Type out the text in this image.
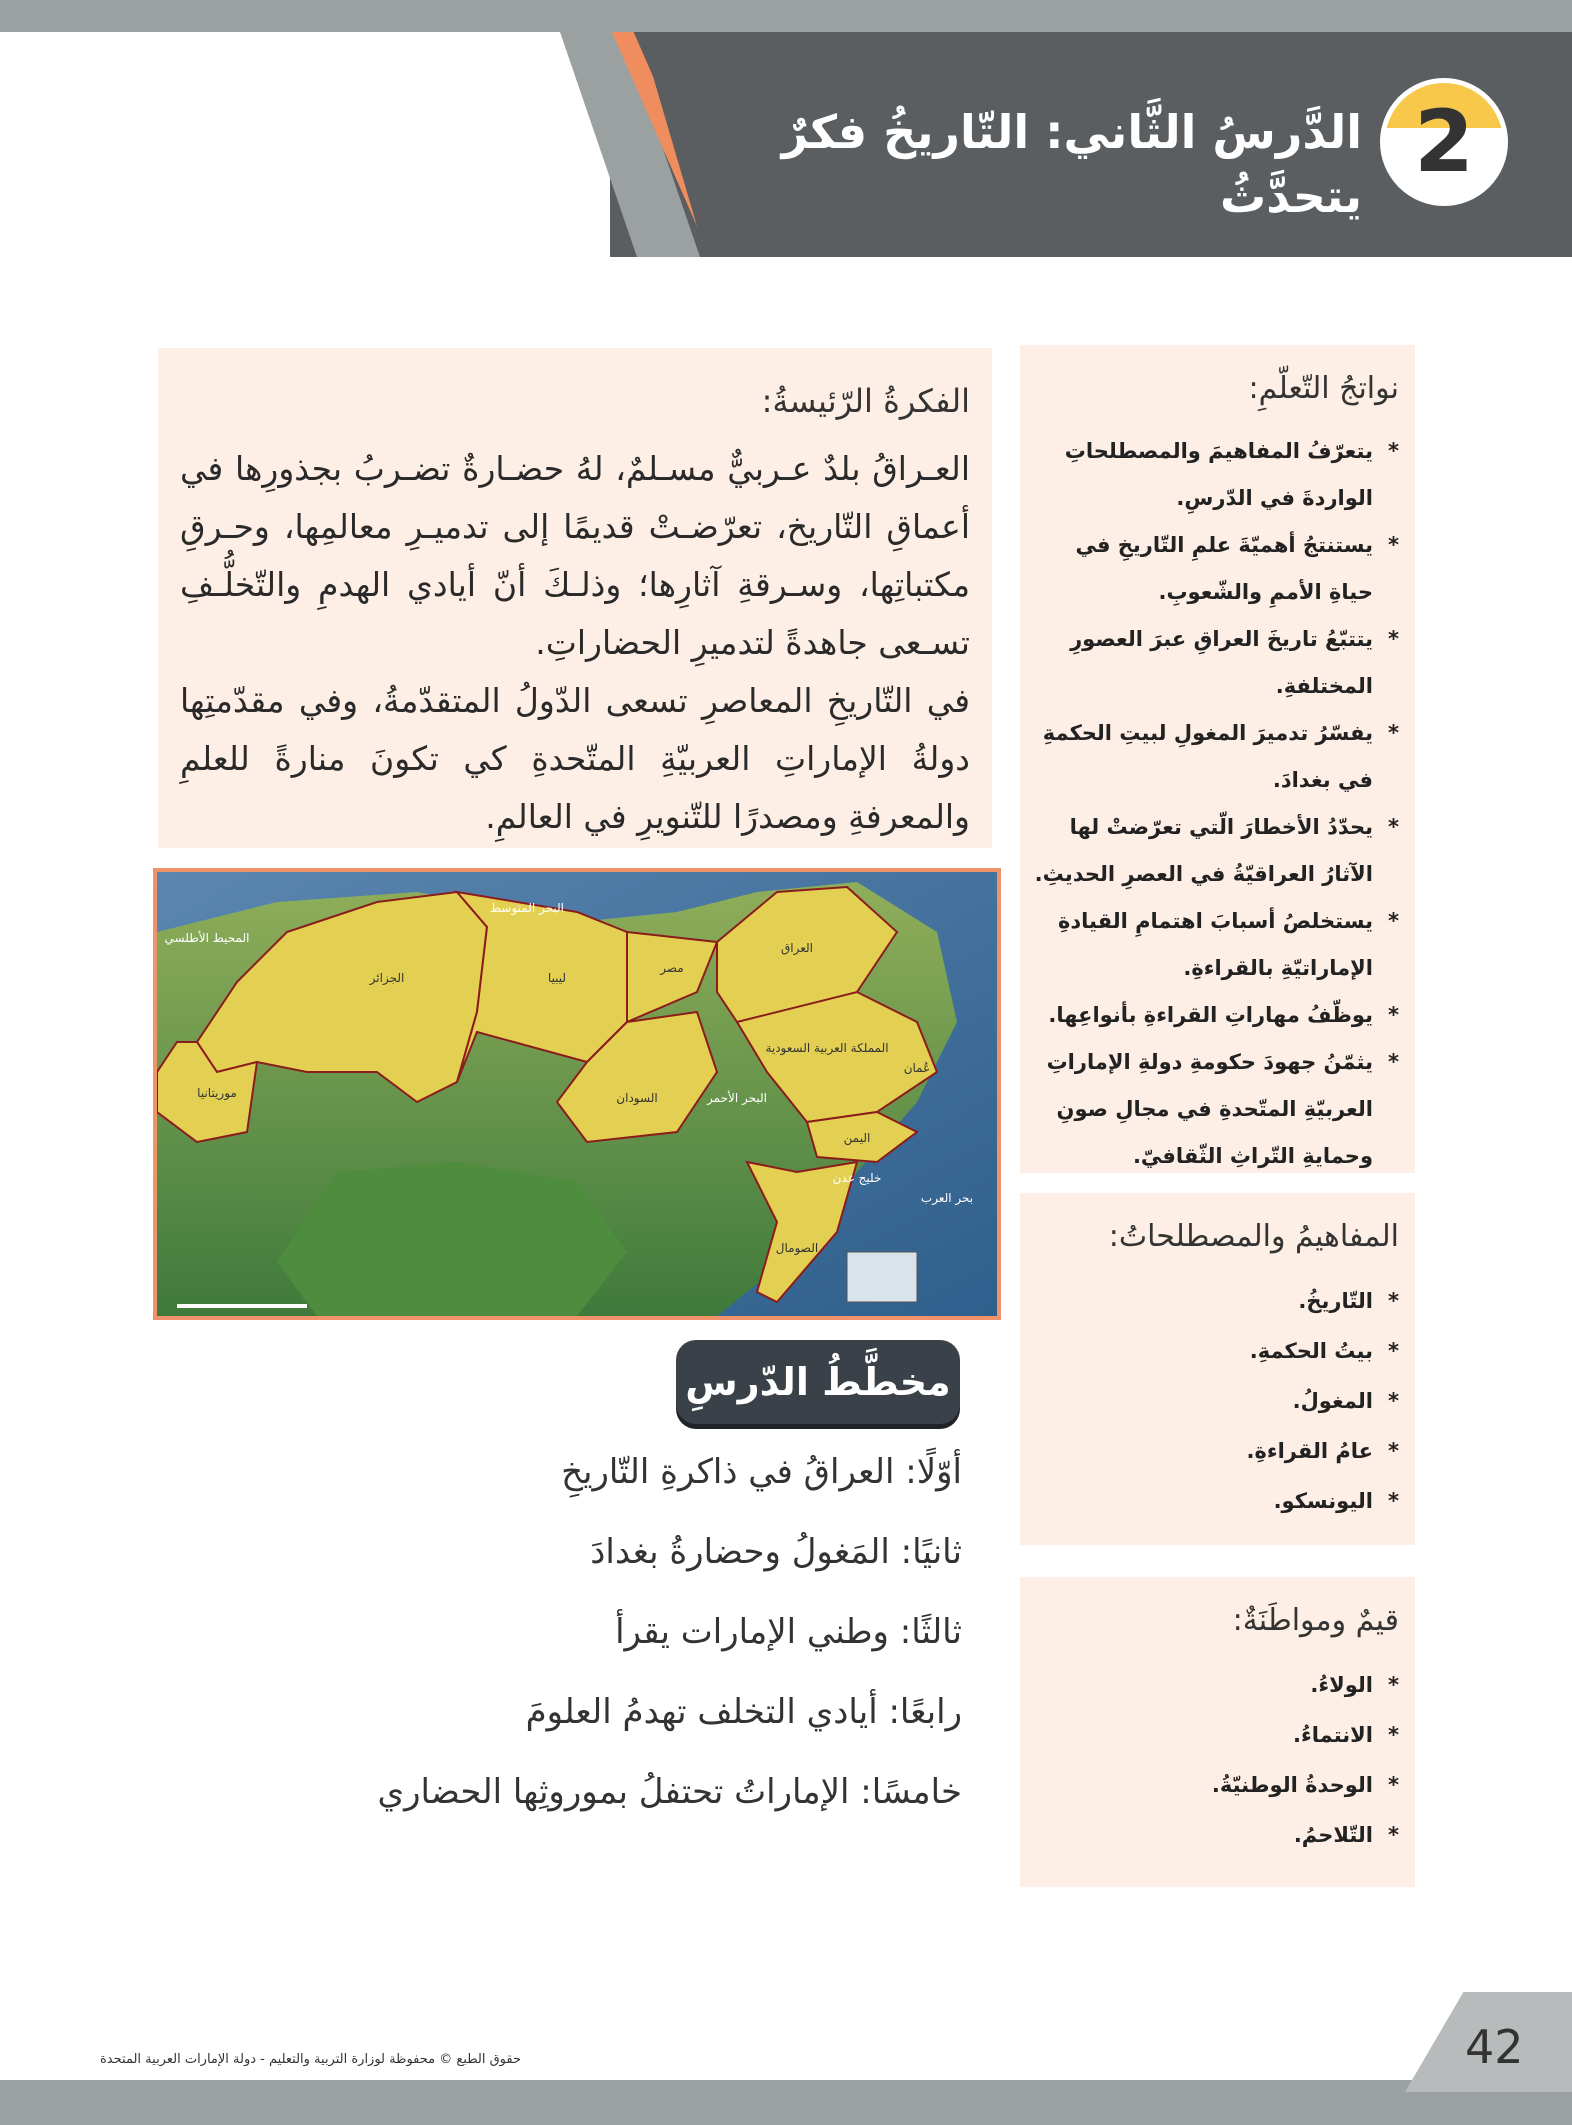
2
الدَّرسُ الثَّاني: التّاريخُ فكرٌ يتحدَّثُ
الفكرةُ الرّئيسةُ:

العـراقُ بلدٌ عـربيٌّ مسـلمٌ، لهُ حضـارةٌ تضـربُ بجذورِها في أعماقِ التّاريخ، تعرّضـتْ قديمًا إلى تدميـرِ معالمِها، وحـرقِ مكتباتِها، وسـرقةِ آثارِها؛ وذلـكَ أنّ أيادي الهدمِ والتّخلُّـفِ تسـعى جاهدةً لتدميرِ الحضاراتِ.

في التّاريخِ المعاصرِ تسعى الدّولُ المتقدّمةُ، وفي مقدّمتِها دولةُ الإماراتِ العربيّةِ المتّحدةِ كي تكونَ منارةً للعلمِ والمعرفةِ ومصدرًا للتّنويرِ في العالمِ.

نواتجُ التّعلّمِ:
* يتعرّفُ المفاهيمَ والمصطلحاتِ الواردةَ في الدّرسِ.
* يستنتجُ أهميّةَ علمِ التّاريخِ في حياةِ الأممِ والشّعوبِ.
* يتتبّعُ تاريخَ العراقِ عبرَ العصورِ المختلفةِ.
* يفسّرُ تدميرَ المغولِ لبيتِ الحكمةِ في بغدادَ.
* يحدّدُ الأخطارَ الّتي تعرّضتْ لها الآثارُ العراقيّةُ في العصرِ الحديثِ.
* يستخلصُ أسبابَ اهتمامِ القيادةِ الإماراتيّةِ بالقراءةِ.
* يوظّفُ مهاراتِ القراءةِ بأنواعِها.
* يثمّنُ جهودَ حكومةِ دولةِ الإماراتِ العربيّةِ المتّحدةِ في مجالِ صونِ وحمايةِ التّراثِ الثّقافيّ.
المفاهيمُ والمصطلحاتُ:
* التّاريخُ.
* بيتُ الحكمةِ.
* المغولُ.
* عامُ القراءةِ.
* اليونسكو.
قيمٌ ومواطَنَةٌ:
* الولاءُ.
* الانتماءُ.
* الوحدةُ الوطنيّةُ.
* التّلاحمُ.
العراق
مصر
ليبيا
الجزائر
السودان
المملكة العربية السعودية
اليمن
الصومال
موريتانيا
البحر المتوسط
البحر الأحمر
المحيط الأطلسي
بحر العرب
خليج عدن
عُمان
مخطَّطُ الدّرسِ
أوّلًا: العراقُ في ذاكرةِ التّاريخِ
ثانيًا: المَغولُ وحضارةُ بغدادَ
ثالثًا: وطني الإمارات يقرأ
رابعًا: أيادي التخلف تهدمُ العلومَ
خامسًا: الإماراتُ تحتفلُ بموروثِها الحضاري
42
حقوق الطبع © محفوظة لوزارة التربية والتعليم - دولة الإمارات العربية المتحدة
